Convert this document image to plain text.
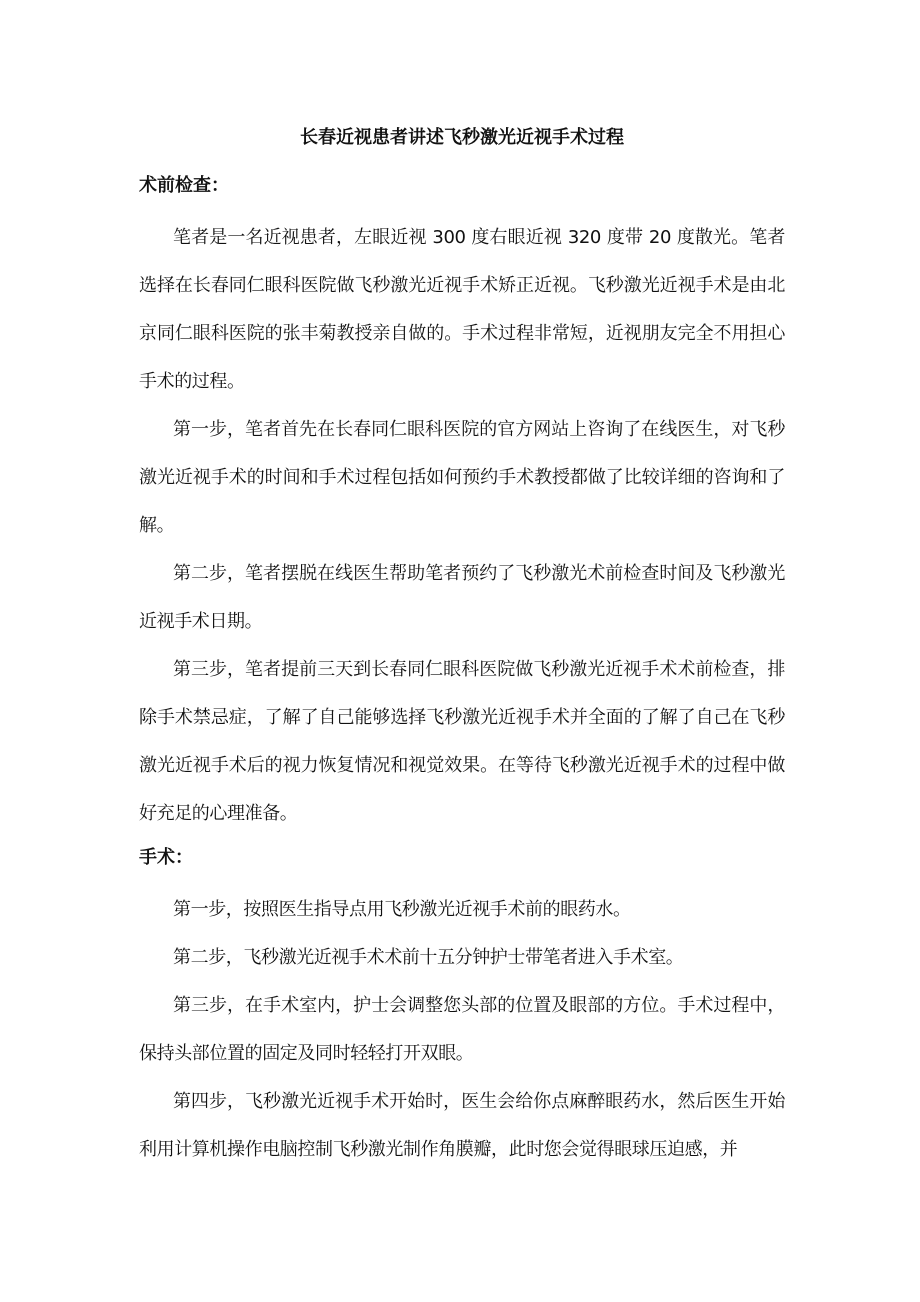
长春近视患者讲述飞秒激光近视手术过程
术前检查：

笔者是一名近视患者，左眼近视 300 度右眼近视 320 度带 20 度散光。笔者选择在长春同仁眼科医院做飞秒激光近视手术矫正近视。飞秒激光近视手术是由北京同仁眼科医院的张丰菊教授亲自做的。手术过程非常短，近视朋友完全不用担心手术的过程。

第一步，笔者首先在长春同仁眼科医院的官方网站上咨询了在线医生，对飞秒激光近视手术的时间和手术过程包括如何预约手术教授都做了比较详细的咨询和了解。

第二步，笔者摆脱在线医生帮助笔者预约了飞秒激光术前检查时间及飞秒激光近视手术日期。

第三步，笔者提前三天到长春同仁眼科医院做飞秒激光近视手术术前检查，排除手术禁忌症，了解了自己能够选择飞秒激光近视手术并全面的了解了自己在飞秒激光近视手术后的视力恢复情况和视觉效果。在等待飞秒激光近视手术的过程中做好充足的心理准备。

手术：

第一步，按照医生指导点用飞秒激光近视手术前的眼药水。

第二步，飞秒激光近视手术术前十五分钟护士带笔者进入手术室。

第三步，在手术室内，护士会调整您头部的位置及眼部的方位。手术过程中，保持头部位置的固定及同时轻轻打开双眼。

第四步，飞秒激光近视手术开始时，医生会给你点麻醉眼药水，然后医生开始利用计算机操作电脑控制飞秒激光制作角膜瓣，此时您会觉得眼球压迫感，并
